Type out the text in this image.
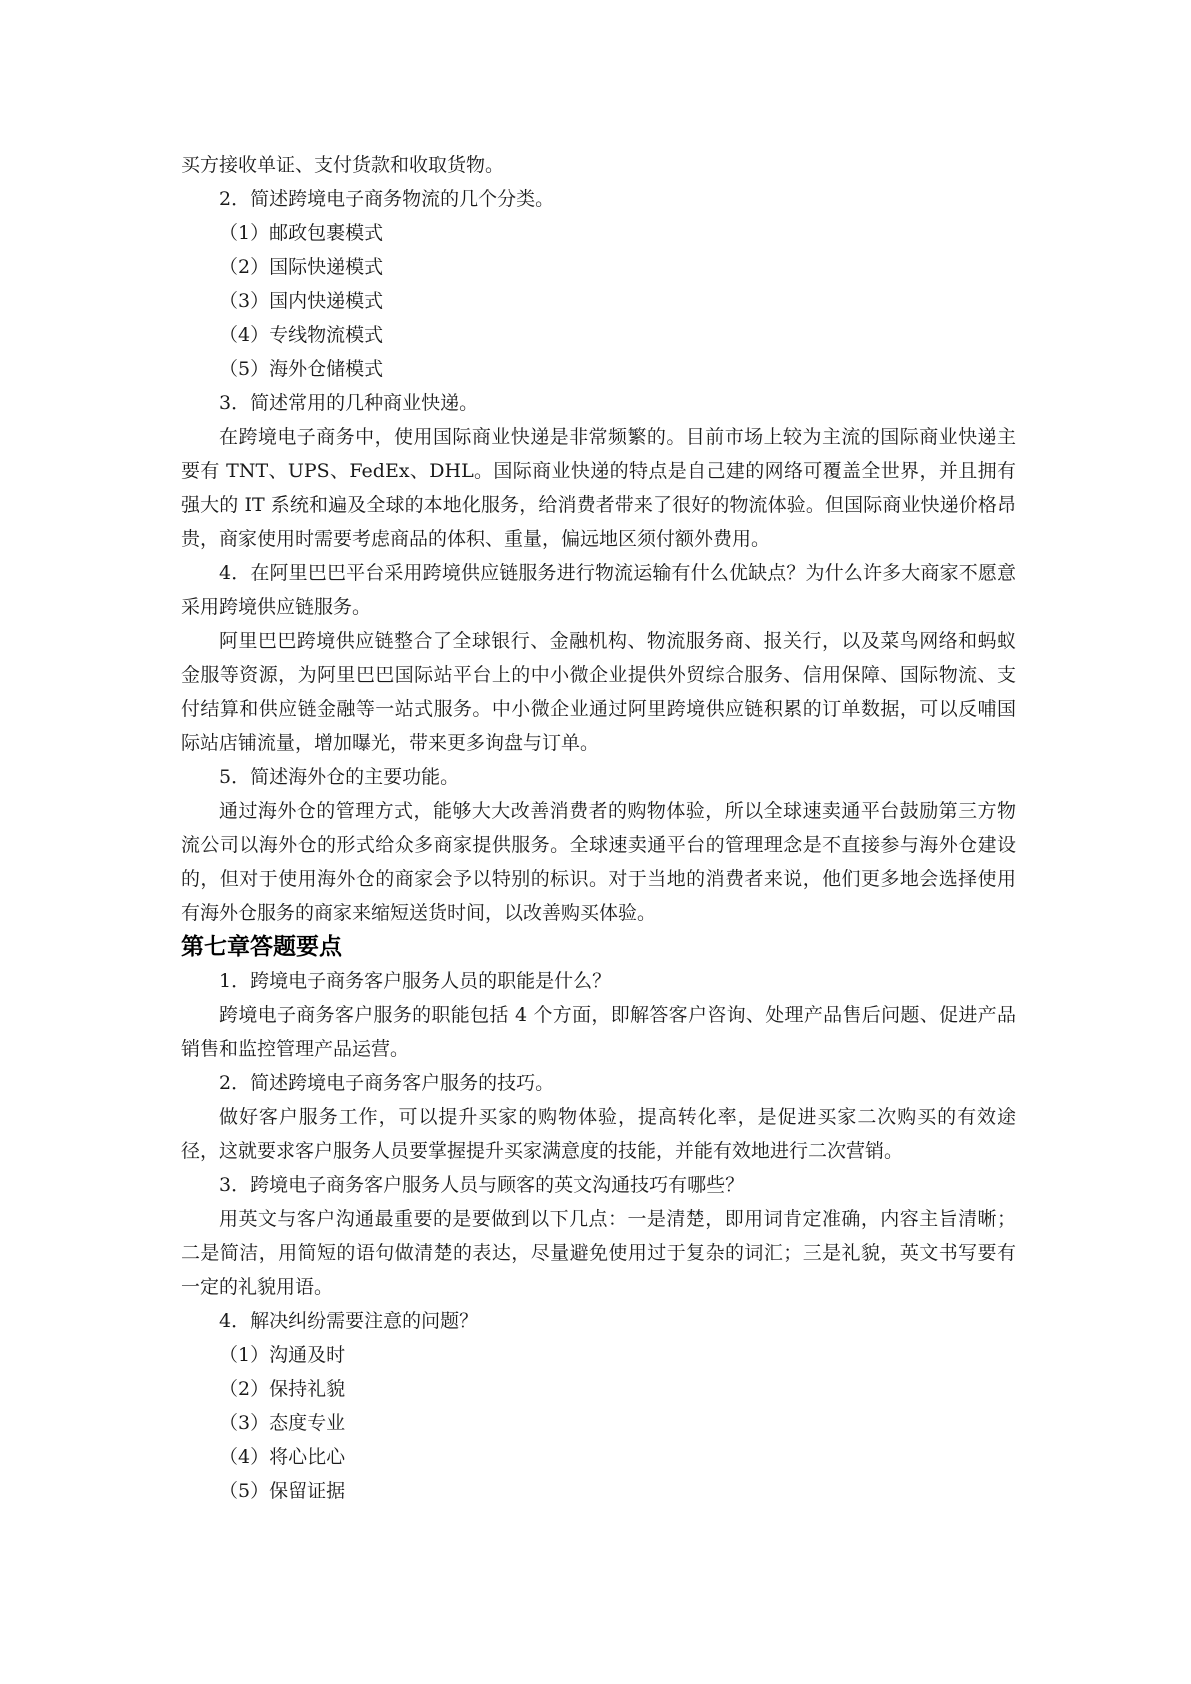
买方接收单证、支付货款和收取货物。

2．简述跨境电子商务物流的几个分类。

（1）邮政包裹模式

（2）国际快递模式

（3）国内快递模式

（4）专线物流模式

（5）海外仓储模式

3．简述常用的几种商业快递。

在跨境电子商务中，使用国际商业快递是非常频繁的。目前市场上较为主流的国际商业快递主要有 TNT、UPS、FedEx、DHL。国际商业快递的特点是自己建的网络可覆盖全世界，并且拥有强大的 IT 系统和遍及全球的本地化服务，给消费者带来了很好的物流体验。但国际商业快递价格昂贵，商家使用时需要考虑商品的体积、重量，偏远地区须付额外费用。

4．在阿里巴巴平台采用跨境供应链服务进行物流运输有什么优缺点？为什么许多大商家不愿意采用跨境供应链服务。

阿里巴巴跨境供应链整合了全球银行、金融机构、物流服务商、报关行，以及菜鸟网络和蚂蚁金服等资源，为阿里巴巴国际站平台上的中小微企业提供外贸综合服务、信用保障、国际物流、支付结算和供应链金融等一站式服务。中小微企业通过阿里跨境供应链积累的订单数据，可以反哺国际站店铺流量，增加曝光，带来更多询盘与订单。

5．简述海外仓的主要功能。

通过海外仓的管理方式，能够大大改善消费者的购物体验，所以全球速卖通平台鼓励第三方物流公司以海外仓的形式给众多商家提供服务。全球速卖通平台的管理理念是不直接参与海外仓建设的，但对于使用海外仓的商家会予以特别的标识。对于当地的消费者来说，他们更多地会选择使用有海外仓服务的商家来缩短送货时间，以改善购买体验。

第七章答题要点

1．跨境电子商务客户服务人员的职能是什么？

跨境电子商务客户服务的职能包括 4 个方面，即解答客户咨询、处理产品售后问题、促进产品销售和监控管理产品运营。

2．简述跨境电子商务客户服务的技巧。

做好客户服务工作，可以提升买家的购物体验，提高转化率，是促进买家二次购买的有效途径，这就要求客户服务人员要掌握提升买家满意度的技能，并能有效地进行二次营销。

3．跨境电子商务客户服务人员与顾客的英文沟通技巧有哪些？

用英文与客户沟通最重要的是要做到以下几点：一是清楚，即用词肯定准确，内容主旨清晰；二是简洁，用简短的语句做清楚的表达，尽量避免使用过于复杂的词汇；三是礼貌，英文书写要有一定的礼貌用语。

4．解决纠纷需要注意的问题？

（1）沟通及时

（2）保持礼貌

（3）态度专业

（4）将心比心

（5）保留证据
